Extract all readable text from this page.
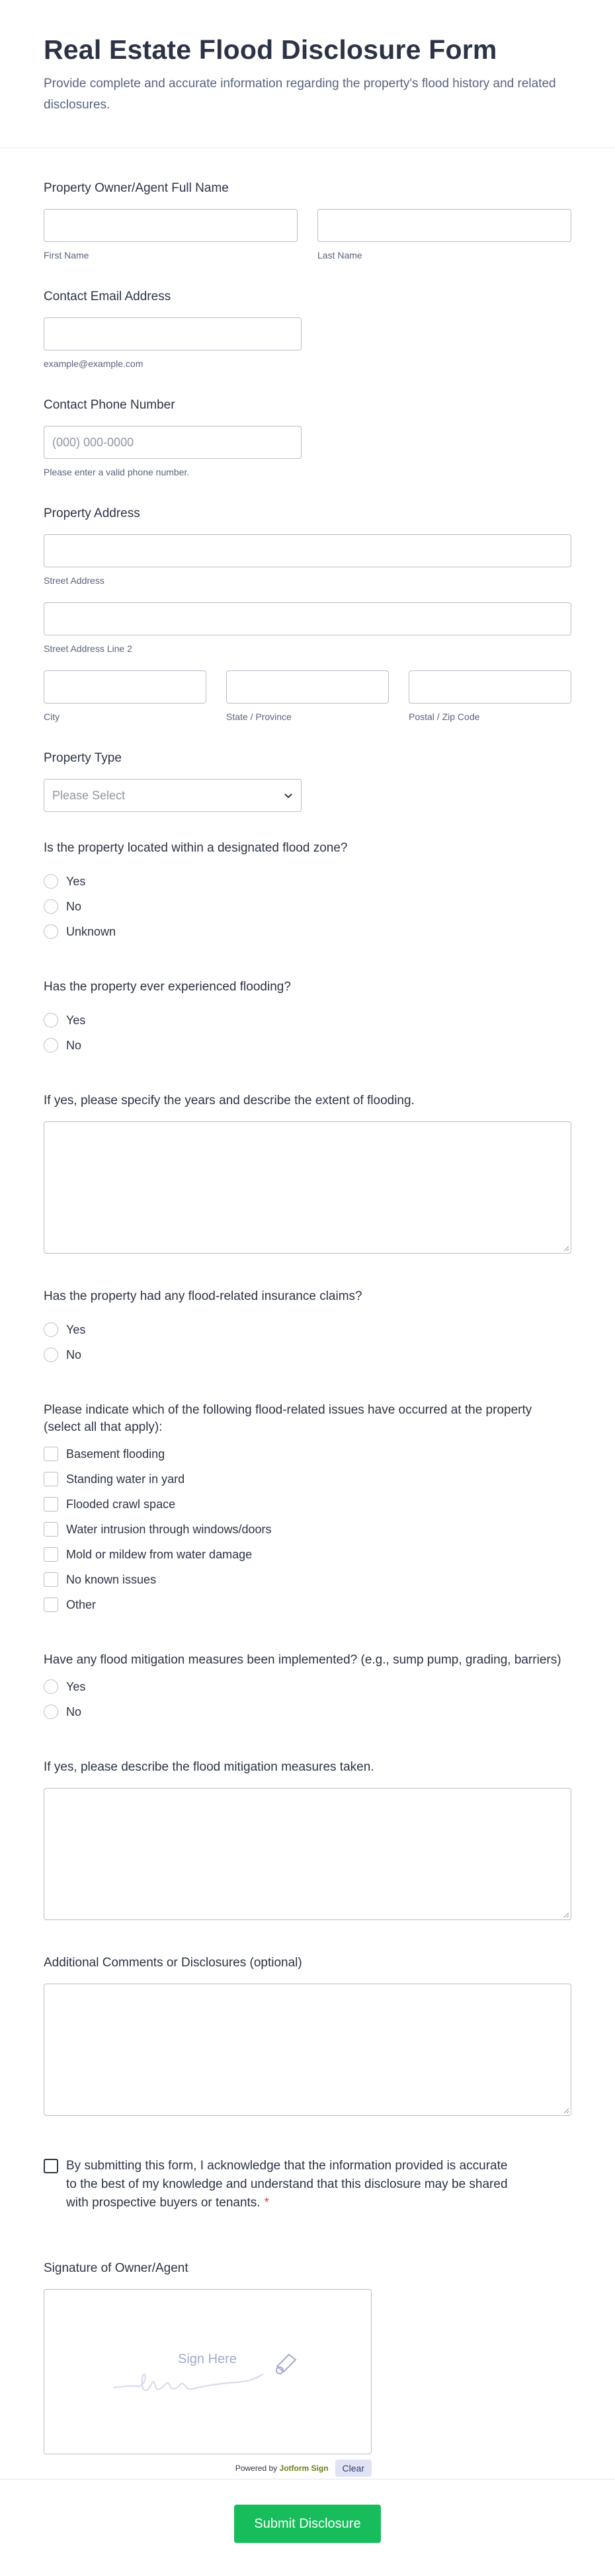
Real Estate Flood Disclosure Form

Provide complete and accurate information regarding the property's flood history and related disclosures.

Property Owner/Agent Full Name
First Name	Last Name
Contact Email Address
example@example.com
Contact Phone Number
(000) 000-0000
Please enter a valid phone number.
Property Address
Street Address
Street Address Line 2
City	State / Province	Postal / Zip Code
Property Type
Please Select
Is the property located within a designated flood zone?
Yes
No
Unknown
Has the property ever experienced flooding?
Yes
No
If yes, please specify the years and describe the extent of flooding.
Has the property had any flood-related insurance claims?
Yes
No
Please indicate which of the following flood-related issues have occurred at the property (select all that apply):
Basement flooding
Standing water in yard
Flooded crawl space
Water intrusion through windows/doors
Mold or mildew from water damage
No known issues
Other
Have any flood mitigation measures been implemented? (e.g., sump pump, grading, barriers)
Yes
No
If yes, please describe the flood mitigation measures taken.
Additional Comments or Disclosures (optional)
By submitting this form, I acknowledge that the information provided is accurate to the best of my knowledge and understand that this disclosure may be shared with prospective buyers or tenants. *
Signature of Owner/Agent
Sign Here
Powered by Jotform Sign	Clear
Submit Disclosure
